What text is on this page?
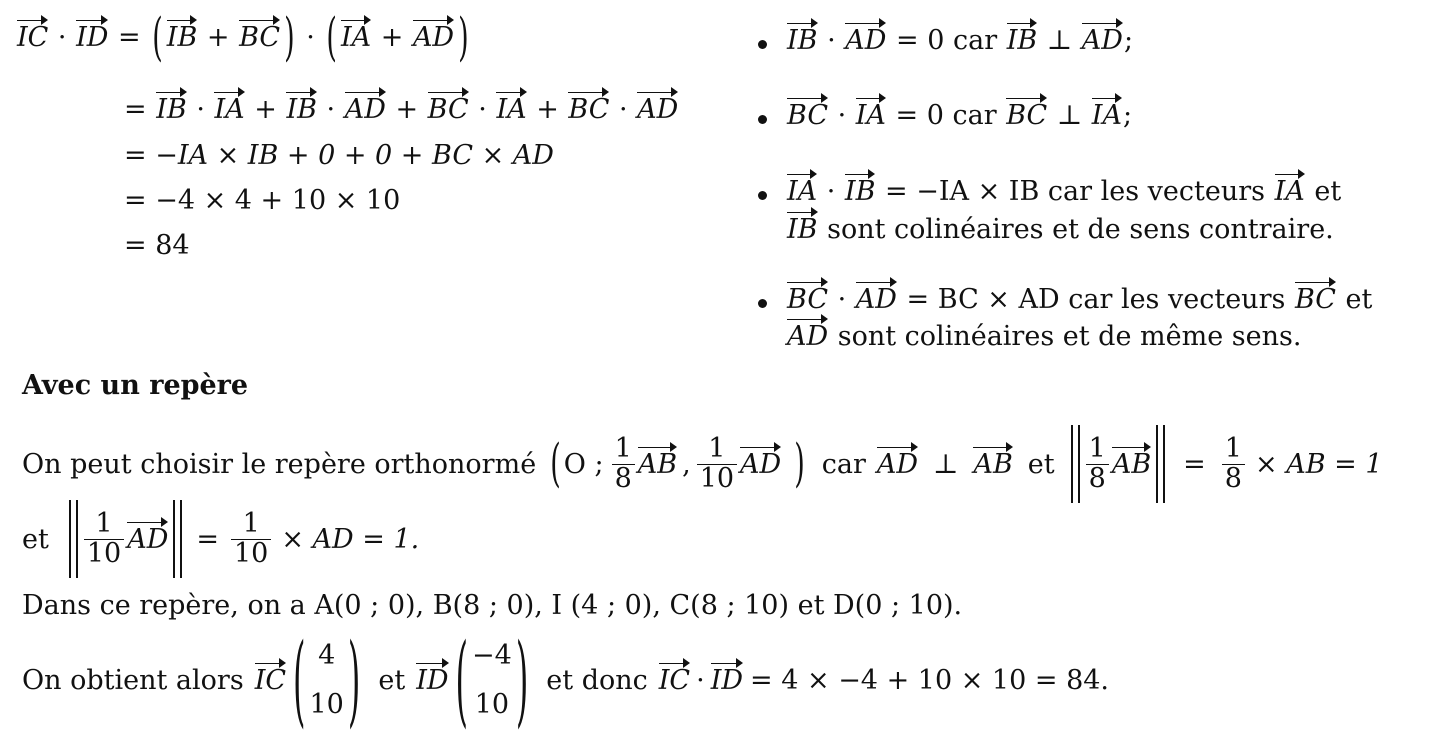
IC · ID = ( IB + BC ) · ( IA + AD )
= IB · IA + IB · AD + BC · IA + BC · AD
= −IA × IB + 0 + 0 + BC × AD
= −4 × 4 + 10 × 10
= 84
IB · AD = 0 car IB ⊥ AD;
BC · IA = 0 car BC ⊥ IA;
IA · IB = −IA × IB car les vecteurs IA et
IB sont colinéaires et de sens contraire.
BC · AD = BC × AD car les vecteurs BC et
AD sont colinéaires et de même sens.
Avec un repère
On peut choisir le repère orthonormé ( O ; $\frac{1}{8}$ AB , $\frac{1}{10}$ AD ) car AD ⊥ AB et $\frac{1}{8}$ AB = $\frac{1}{8}$ × AB = 1
et $\frac{1}{10}$ AD = $\frac{1}{10}$ × AD = 1.
Dans ce repère, on a A(0 ; 0), B(8 ; 0), I (4 ; 0), C(8 ; 10) et D(0 ; 10).
On obtient alors IC ( 4
10 ) et ID ( −4
10 ) et donc IC · ID = 4 × −4 + 10 × 10 = 84.
